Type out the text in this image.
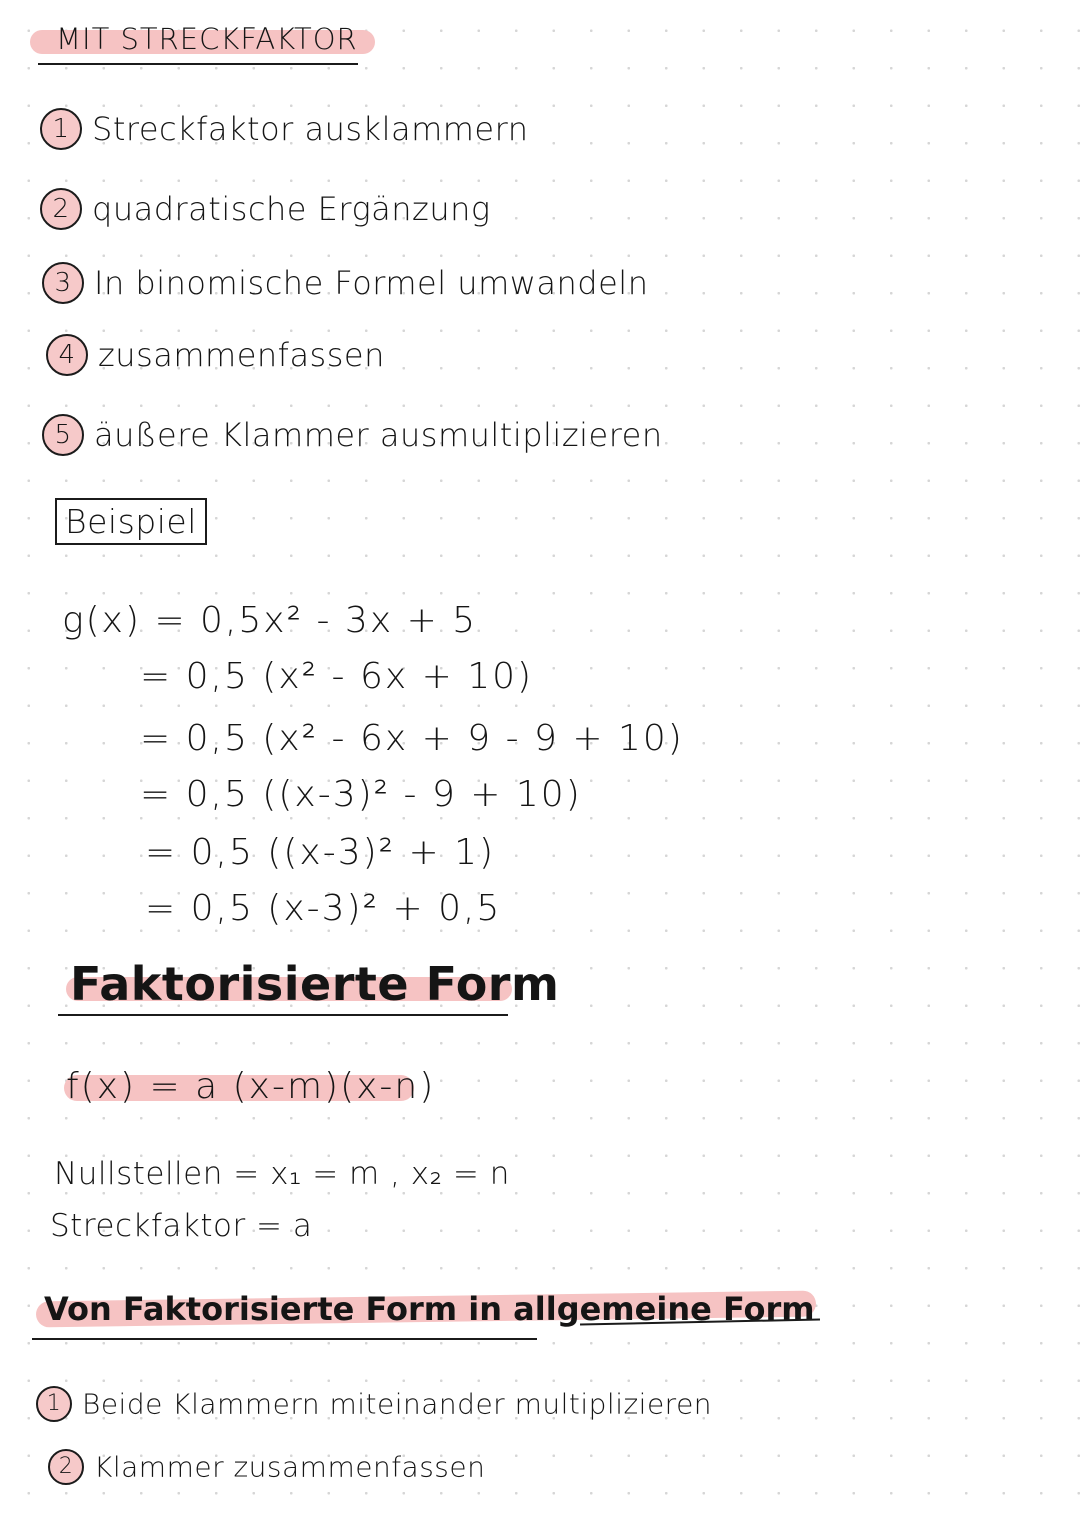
MIT STRECKFAKTOR
1 Streckfaktor ausklammern
2 quadratische Ergänzung
3 In binomische Formel umwandeln
4 zusammenfassen
5 äußere Klammer ausmultiplizieren
Beispiel
g(x) = 0,5x² - 3x + 5
= 0,5 (x² - 6x + 10)
= 0,5 (x² - 6x + 9 - 9 + 10)
= 0,5 ((x-3)² - 9 + 10)
= 0,5 ((x-3)² + 1)
= 0,5 (x-3)² + 0,5
Faktorisierte Form
f(x) = a (x-m)(x-n)
Nullstellen = x₁ = m , x₂ = n
Streckfaktor = a
Von Faktorisierte Form in allgemeine Form
1 Beide Klammern miteinander multiplizieren
2 Klammer zusammenfassen
